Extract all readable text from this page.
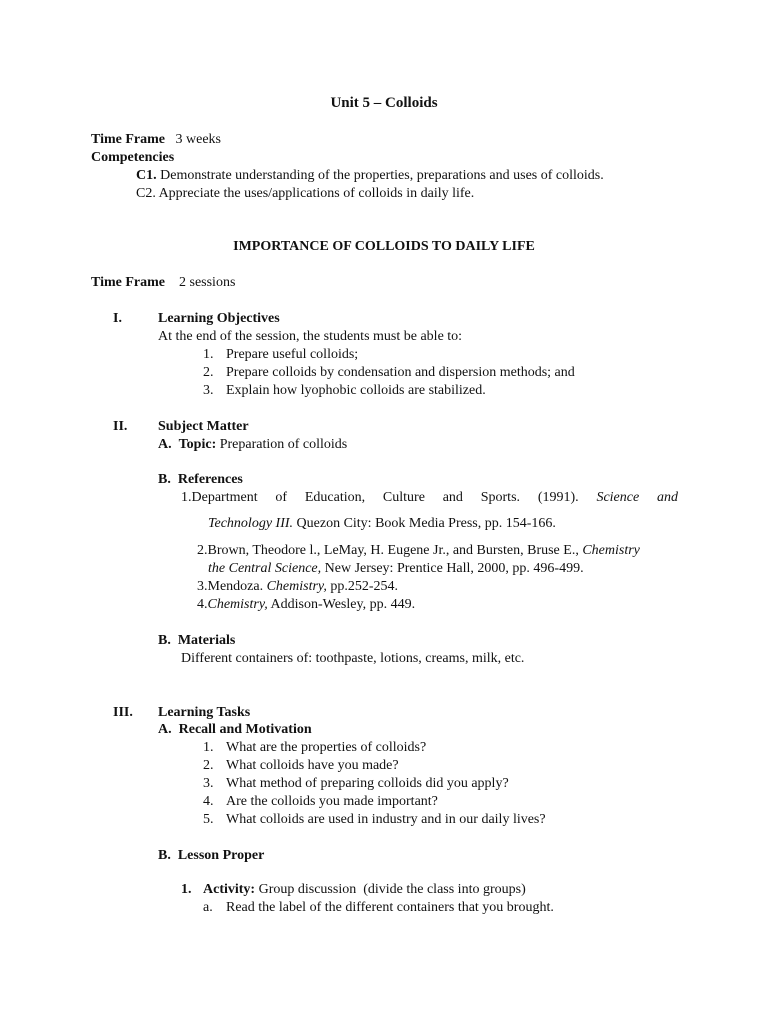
Unit 5 – Colloids
Time Frame 3 weeks
Competencies
C1. Demonstrate understanding of the properties, preparations and uses of colloids.
C2. Appreciate the uses/applications of colloids in daily life.
IMPORTANCE OF COLLOIDS TO DAILY LIFE
Time Frame 2 sessions
I.	Learning Objectives
At the end of the session, the students must be able to:
1. Prepare useful colloids;
2. Prepare colloids by condensation and dispersion methods; and
3. Explain how lyophobic colloids are stabilized.
II. Subject Matter
A. Topic: Preparation of colloids
B. References
1.Department of Education, Culture and Sports. (1991). Science and
Technology III. Quezon City: Book Media Press, pp. 154-166.
2.Brown, Theodore l., LeMay, H. Eugene Jr., and Bursten, Bruse E., Chemistry
the Central Science, New Jersey: Prentice Hall, 2000, pp. 496-499.
3.Mendoza. Chemistry, pp.252-254.
4.Chemistry, Addison-Wesley, pp. 449.
B. Materials
Different containers of: toothpaste, lotions, creams, milk, etc.
III. Learning Tasks
A. Recall and Motivation
1. What are the properties of colloids?
2. What colloids have you made?
3. What method of preparing colloids did you apply?
4. Are the colloids you made important?
5. What colloids are used in industry and in our daily lives?
B. Lesson Proper
1. Activity: Group discussion  (divide the class into groups)
a. Read the label of the different containers that you brought.
